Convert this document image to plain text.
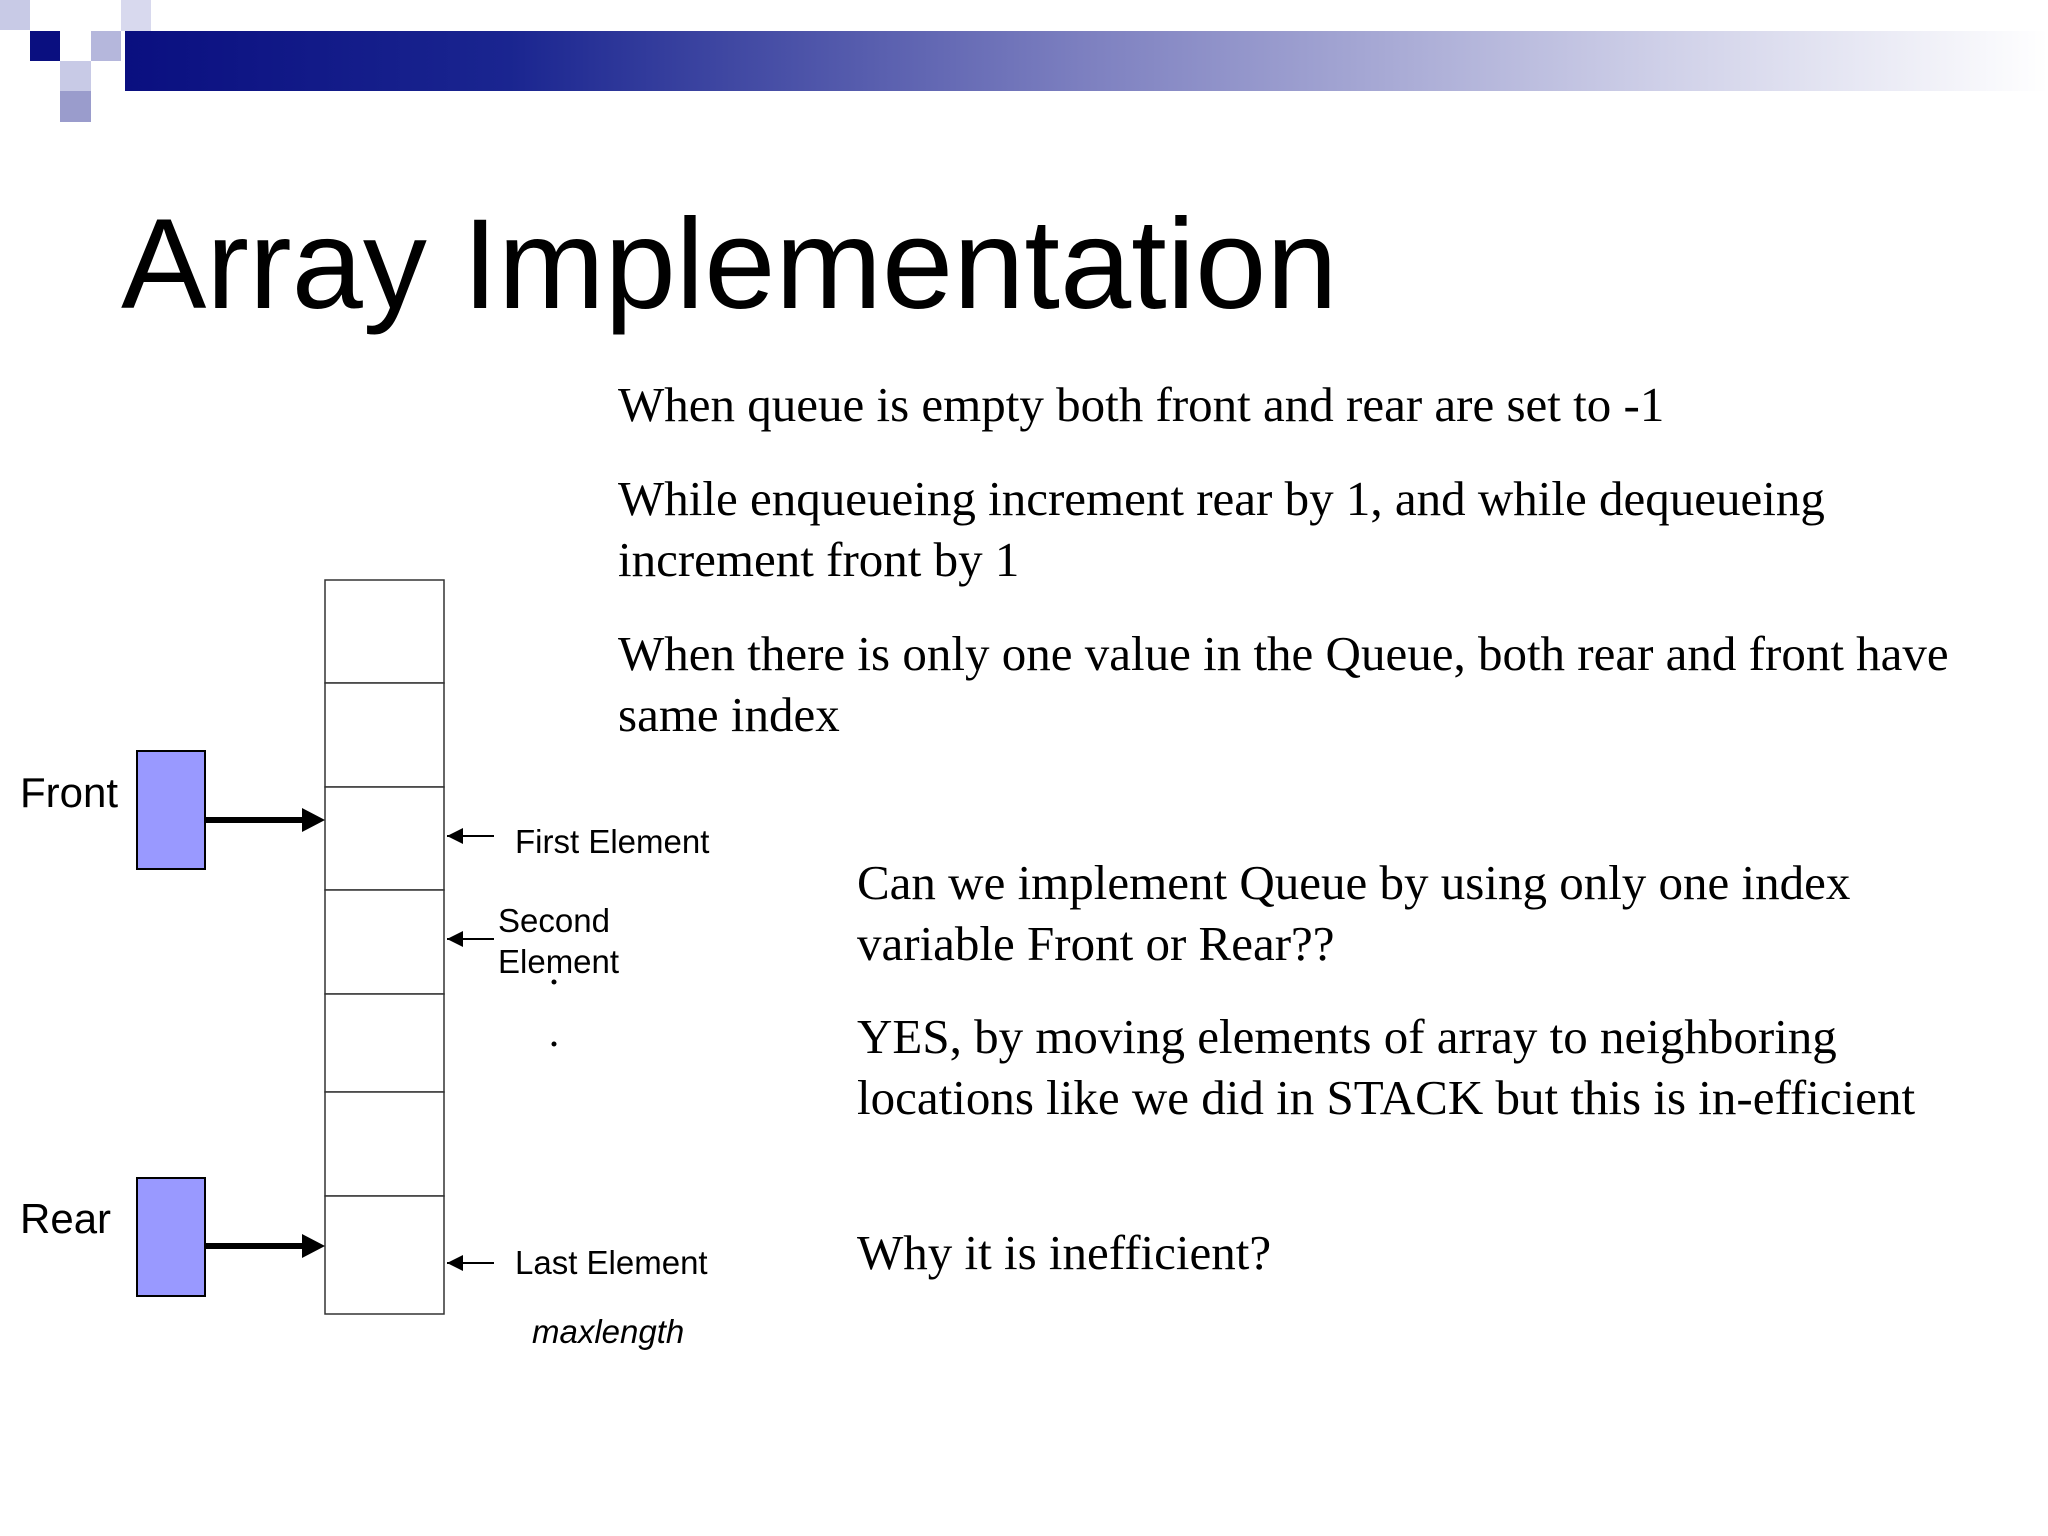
Array Implementation
When queue is empty both front and rear are set to -1
While enqueueing increment rear by 1, and while dequeueing increment front by 1
When there is only one value in the Queue, both rear and front have same index
Can we implement Queue by using only one index variable Front or Rear??
YES, by moving elements of array to neighboring locations like we did in STACK but this is in-efficient
Why it is inefficient?
Front
Rear
First Element
Second
Element
Last Element
maxlength
